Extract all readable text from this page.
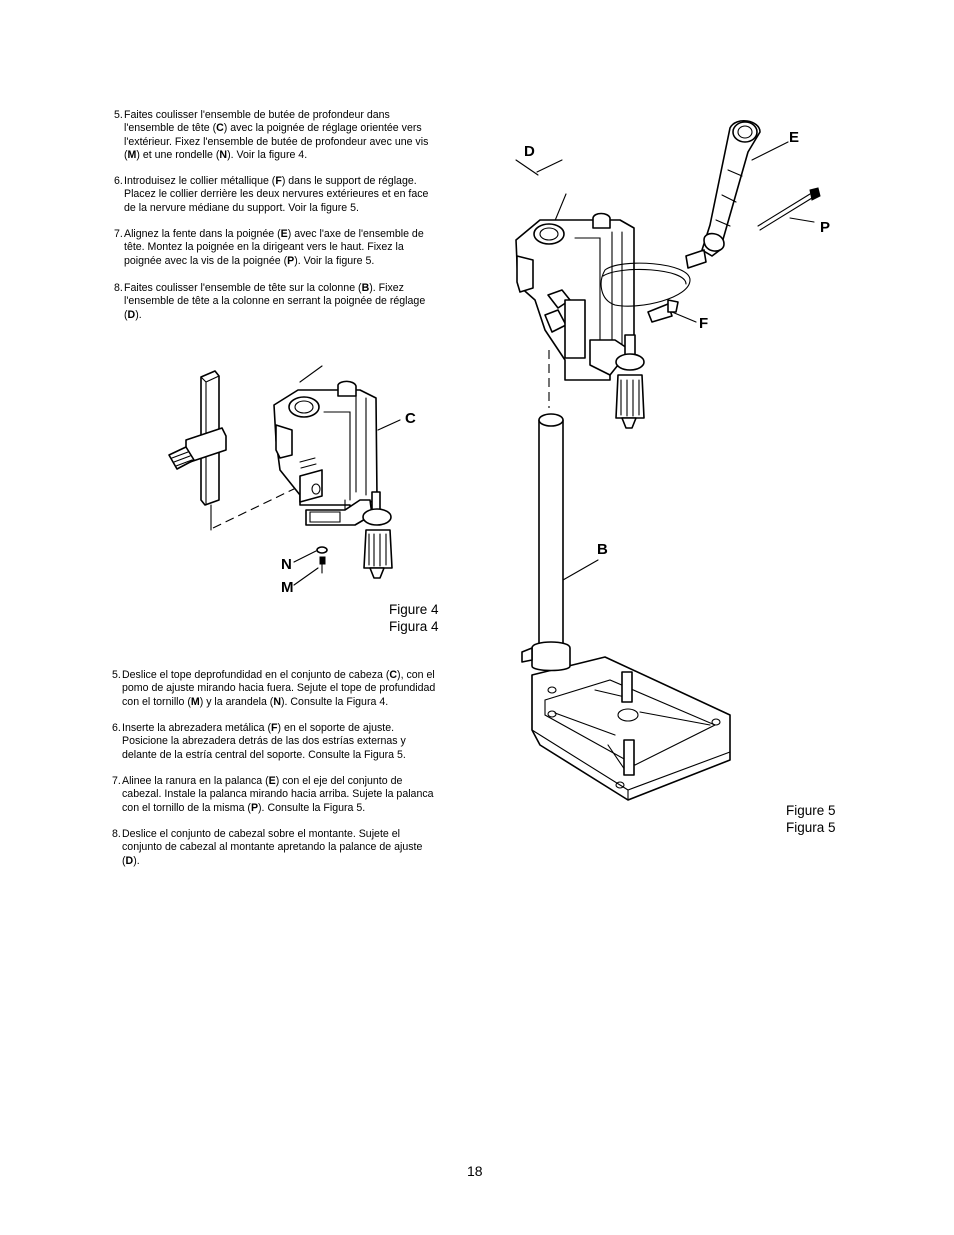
5. Faites coulisser l'ensemble de butée de profondeur dans
l'ensemble de tête (C) avec la poignée de réglage orientée vers
l'extérieur. Fixez l'ensemble de butée de profondeur avec une vis
(M) et une rondelle (N). Voir la figure 4.
6. Introduisez le collier métallique (F) dans le support de réglage.
Placez le collier derrière les deux nervures extérieures et en face
de la nervure médiane du support. Voir la figure 5.
7. Alignez la fente dans la poignée (E) avec l'axe de l'ensemble de
tête. Montez la poignée en la dirigeant vers le haut. Fixez la
poignée avec la vis de la poignée (P). Voir la figure 5.
8. Faites coulisser l'ensemble de tête sur la colonne (B). Fixez
l'ensemble de tête a la colonne en serrant la poignée de réglage
(D).
5. Deslice el tope deprofundidad en el conjunto de cabeza (C), con el
pomo de ajuste mirando hacia fuera. Sejute el tope de profundidad
con el tornillo (M) y la arandela (N). Consulte la Figura 4.
6. Inserte la abrezadera metálica (F) en el soporte de ajuste.
Posicione la abrezadera detrás de las dos estrías externas y
delante de la estría central del soporte. Consulte la Figura 5.
7. Alinee la ranura en la palanca (E) con el eje del conjunto de
cabezal. Instale la palanca mirando hacia arriba. Sujete la palanca
con el tornillo de la misma (P). Consulte la Figura 5.
8. Deslice el conjunto de cabezal sobre el montante. Sujete el
conjunto de cabezal al montante apretando la palance de ajuste
(D).
C
N
M
D
E
P
F
B
Figure 4
Figura 4
Figure 5
Figura 5
18
